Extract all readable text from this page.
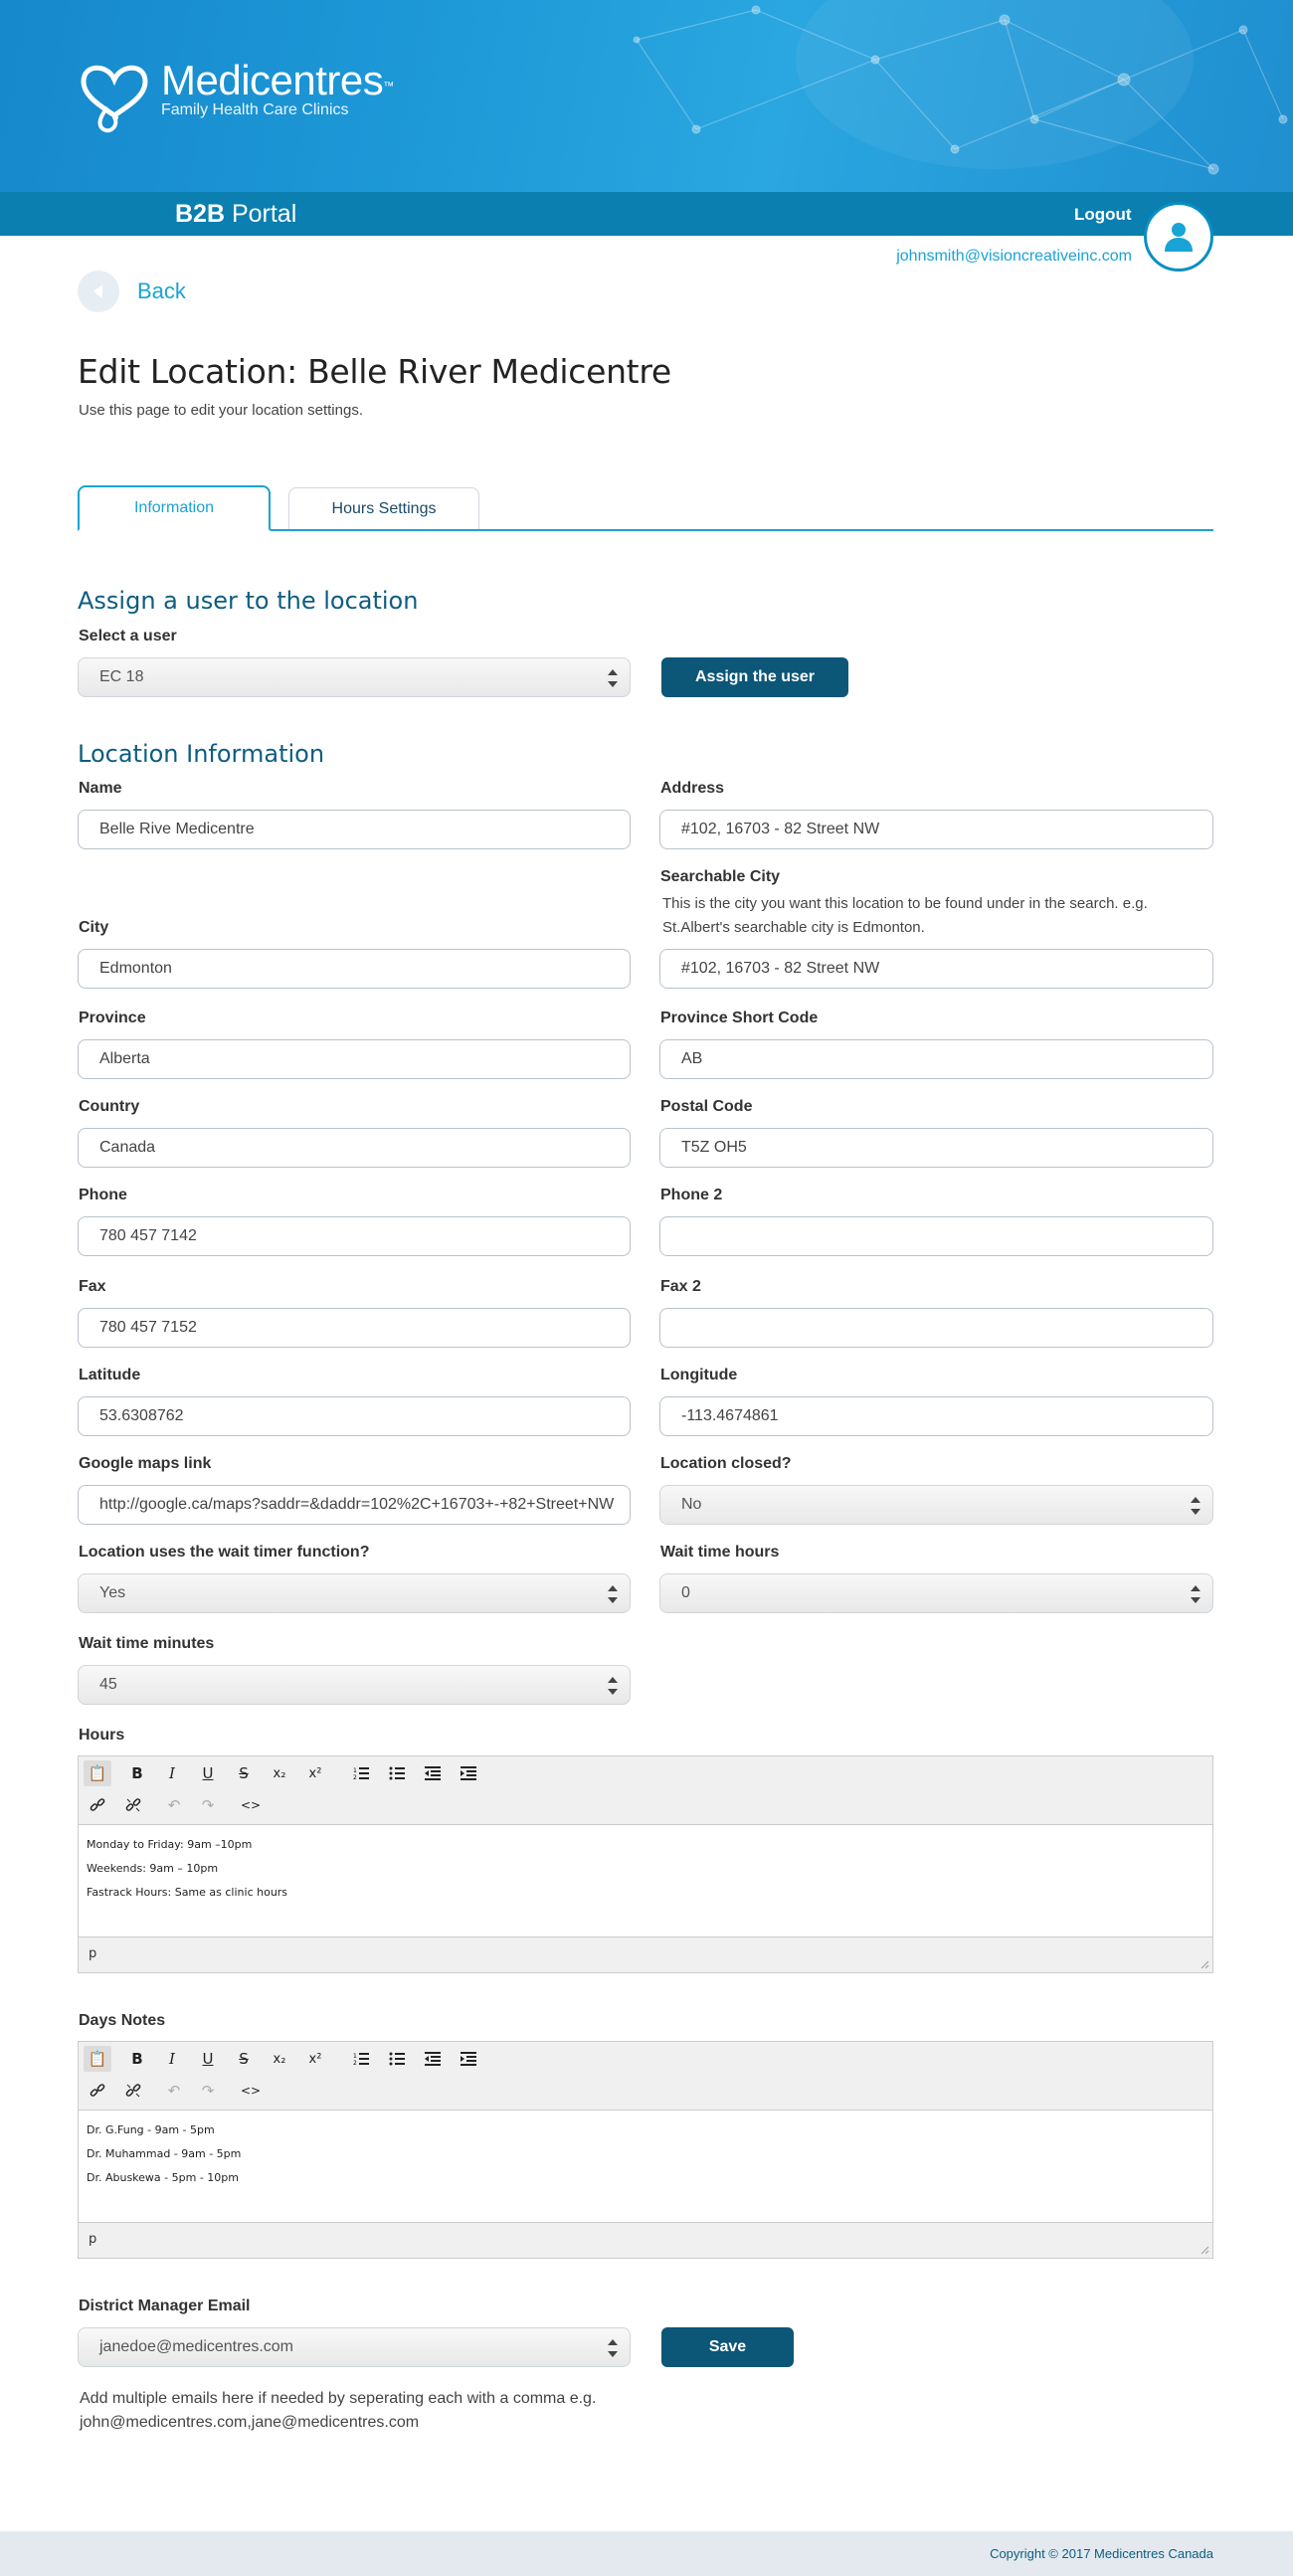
Medicentres™
Family Health Care Clinics
B2B Portal	Logout
johnsmith@visioncreativeinc.com
Back
Edit Location: Belle River Medicentre
Use this page to edit your location settings.
Information	Hours Settings
Assign a user to the location
Select a user
EC 18	Assign the user
Location Information
Name
Belle Rive Medicentre
Address
#102, 16703 - 82 Street NW
Searchable City
This is the city you want this location to be found under in the search. e.g.
St.Albert's searchable city is Edmonton.
#102, 16703 - 82 Street NW
City
Edmonton
Province
Alberta
Province Short Code
AB
Country
Canada
Postal Code
T5Z OH5
Phone
780 457 7142
Phone 2
Fax
780 457 7152
Fax 2
Latitude
53.6308762
Longitude
-113.4674861
Google maps link
http://google.ca/maps?saddr=&daddr=102%2C+16703+-+82+Street+NW
Location closed?
No
Location uses the wait timer function?
Yes
Wait time hours
0
Wait time minutes
45
Hours
📋	B	I	U	S	x₂	x²	1
2
↶	↷	<>

Monday to Friday: 9am –10pm

Weekends: 9am – 10pm

Fastrack Hours: Same as clinic hours

p
Days Notes
📋	B	I	U	S	x₂	x²	1
2
↶	↷	<>

Dr. G.Fung - 9am - 5pm

Dr. Muhammad - 9am - 5pm

Dr. Abuskewa - 5pm - 10pm

p
District Manager Email
janedoe@medicentres.com	Save
Add multiple emails here if needed by seperating each with a comma e.g.
john@medicentres.com,jane@medicentres.com
Copyright © 2017 Medicentres Canada
